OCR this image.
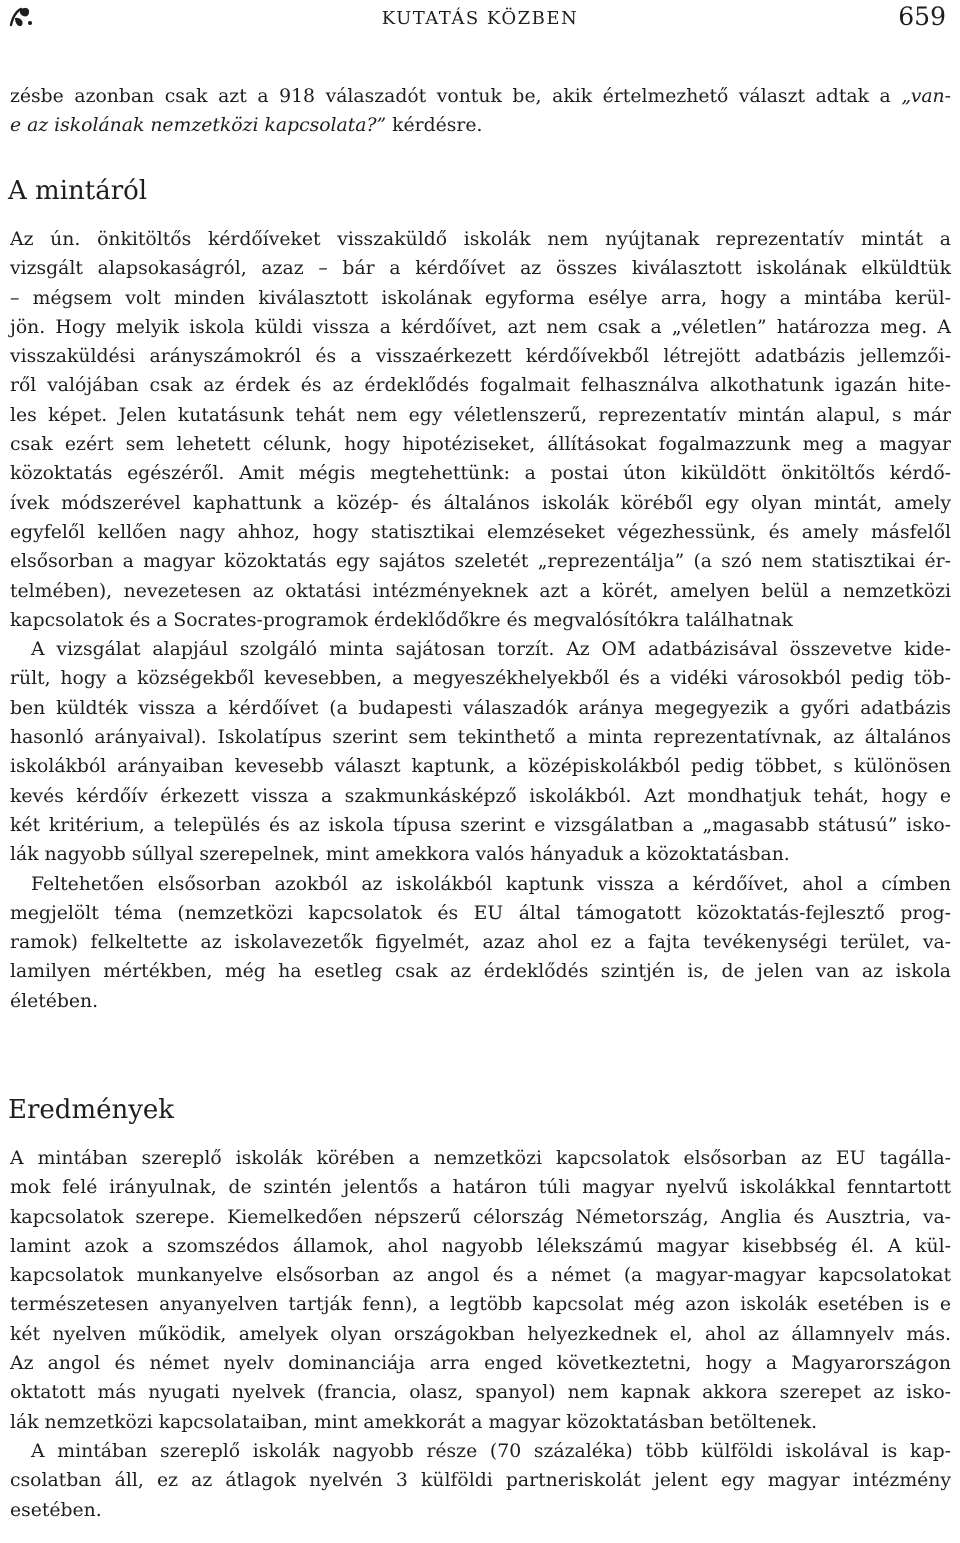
KUTATÁS KÖZBEN	659
zésbe azonban csak azt a 918 válaszadót vontuk be, akik értelmezhető választ adtak a „van-
e az iskolának nemzetközi kapcsolata?” kérdésre.
A mintáról
Az ún. önkitöltős kérdőíveket visszaküldő iskolák nem nyújtanak reprezentatív mintát a
vizsgált alapsokaságról, azaz – bár a kérdőívet az összes kiválasztott iskolának elküldtük
– mégsem volt minden kiválasztott iskolának egyforma esélye arra, hogy a mintába kerül-
jön. Hogy melyik iskola küldi vissza a kérdőívet, azt nem csak a „véletlen” határozza meg. A
visszaküldési arányszámokról és a visszaérkezett kérdőívekből létrejött adatbázis jellemzői-
ről valójában csak az érdek és az érdeklődés fogalmait felhasználva alkothatunk igazán hite-
les képet. Jelen kutatásunk tehát nem egy véletlenszerű, reprezentatív mintán alapul, s már
csak ezért sem lehetett célunk, hogy hipotéziseket, állításokat fogalmazzunk meg a magyar
közoktatás egészéről. Amit mégis megtehettünk: a postai úton kiküldött önkitöltős kérdő-
ívek módszerével kaphattunk a közép- és általános iskolák köréből egy olyan mintát, amely
egyfelől kellően nagy ahhoz, hogy statisztikai elemzéseket végezhessünk, és amely másfelől
elsősorban a magyar közoktatás egy sajátos szeletét „reprezentálja” (a szó nem statisztikai ér-
telmében), nevezetesen az oktatási intézményeknek azt a körét, amelyen belül a nemzetközi
kapcsolatok és a Socrates-programok érdeklődőkre és megvalósítókra találhatnak
A vizsgálat alapjául szolgáló minta sajátosan torzít. Az OM adatbázisával összevetve kide-
rült, hogy a községekből kevesebben, a megyeszékhelyekből és a vidéki városokból pedig töb-
ben küldték vissza a kérdőívet (a budapesti válaszadók aránya megegyezik a győri adatbázis
hasonló arányaival). Iskolatípus szerint sem tekinthető a minta reprezentatívnak, az általános
iskolákból arányaiban kevesebb választ kaptunk, a középiskolákból pedig többet, s különösen
kevés kérdőív érkezett vissza a szakmunkásképző iskolákból. Azt mondhatjuk tehát, hogy e
két kritérium, a település és az iskola típusa szerint e vizsgálatban a „magasabb státusú” isko-
lák nagyobb súllyal szerepelnek, mint amekkora valós hányaduk a közoktatásban.
Feltehetően elsősorban azokból az iskolákból kaptunk vissza a kérdőívet, ahol a címben
megjelölt téma (nemzetközi kapcsolatok és EU által támogatott közoktatás-fejlesztő prog-
ramok) felkeltette az iskolavezetők figyelmét, azaz ahol ez a fajta tevékenységi terület, va-
lamilyen mértékben, még ha esetleg csak az érdeklődés szintjén is, de jelen van az iskola
életében.
Eredmények
A mintában szereplő iskolák körében a nemzetközi kapcsolatok elsősorban az EU tagálla-
mok felé irányulnak, de szintén jelentős a határon túli magyar nyelvű iskolákkal fenntartott
kapcsolatok szerepe. Kiemelkedően népszerű célország Németország, Anglia és Ausztria, va-
lamint azok a szomszédos államok, ahol nagyobb lélekszámú magyar kisebbség él. A kül-
kapcsolatok munkanyelve elsősorban az angol és a német (a magyar-magyar kapcsolatokat
természetesen anyanyelven tartják fenn), a legtöbb kapcsolat még azon iskolák esetében is e
két nyelven működik, amelyek olyan országokban helyezkednek el, ahol az államnyelv más.
Az angol és német nyelv dominanciája arra enged következtetni, hogy a Magyarországon
oktatott más nyugati nyelvek (francia, olasz, spanyol) nem kapnak akkora szerepet az isko-
lák nemzetközi kapcsolataiban, mint amekkorát a magyar közoktatásban betöltenek.
A mintában szereplő iskolák nagyobb része (70 százaléka) több külföldi iskolával is kap-
csolatban áll, ez az átlagok nyelvén 3 külföldi partneriskolát jelent egy magyar intézmény
esetében.
